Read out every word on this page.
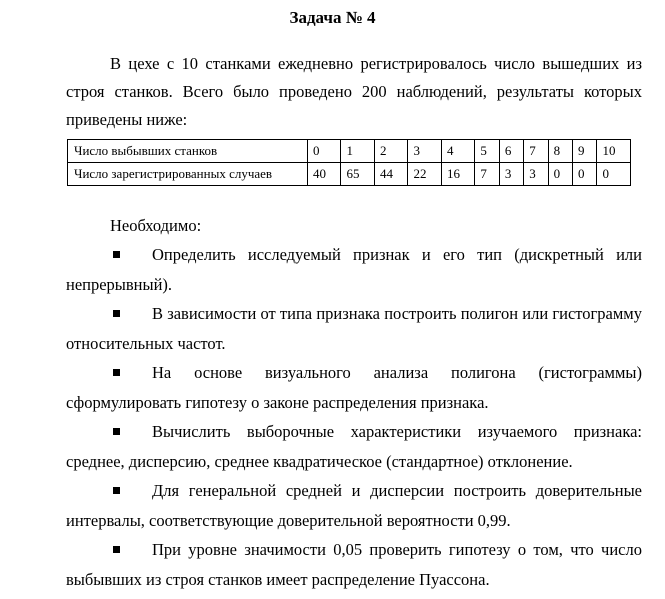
Задача № 4

В цехе с 10 станками ежедневно регистрировалось число вышедших из строя станков. Всего было проведено 200 наблюдений, результаты которых приведены ниже:

Число выбывших станков	0	1	2	3	4	5	6	7	8	9	10
Число зарегистрированных случаев	40	65	44	22	16	7	3	3	0	0	0
Необходимо:

Определить исследуемый признак и его тип (дискретный или непрерывный).

В зависимости от типа признака построить полигон или гистограмму относительных частот.

На основе визуального анализа полигона (гистограммы) сформулировать гипотезу о законе распределения признака.

Вычислить выборочные характеристики изучаемого признака: среднее, дисперсию, среднее квадратическое (стандартное) отклонение.

Для генеральной средней и дисперсии построить доверительные интервалы, соответствующие доверительной вероятности 0,99.

При уровне значимости 0,05 проверить гипотезу о том, что число выбывших из строя станков имеет распределение Пуассона.
